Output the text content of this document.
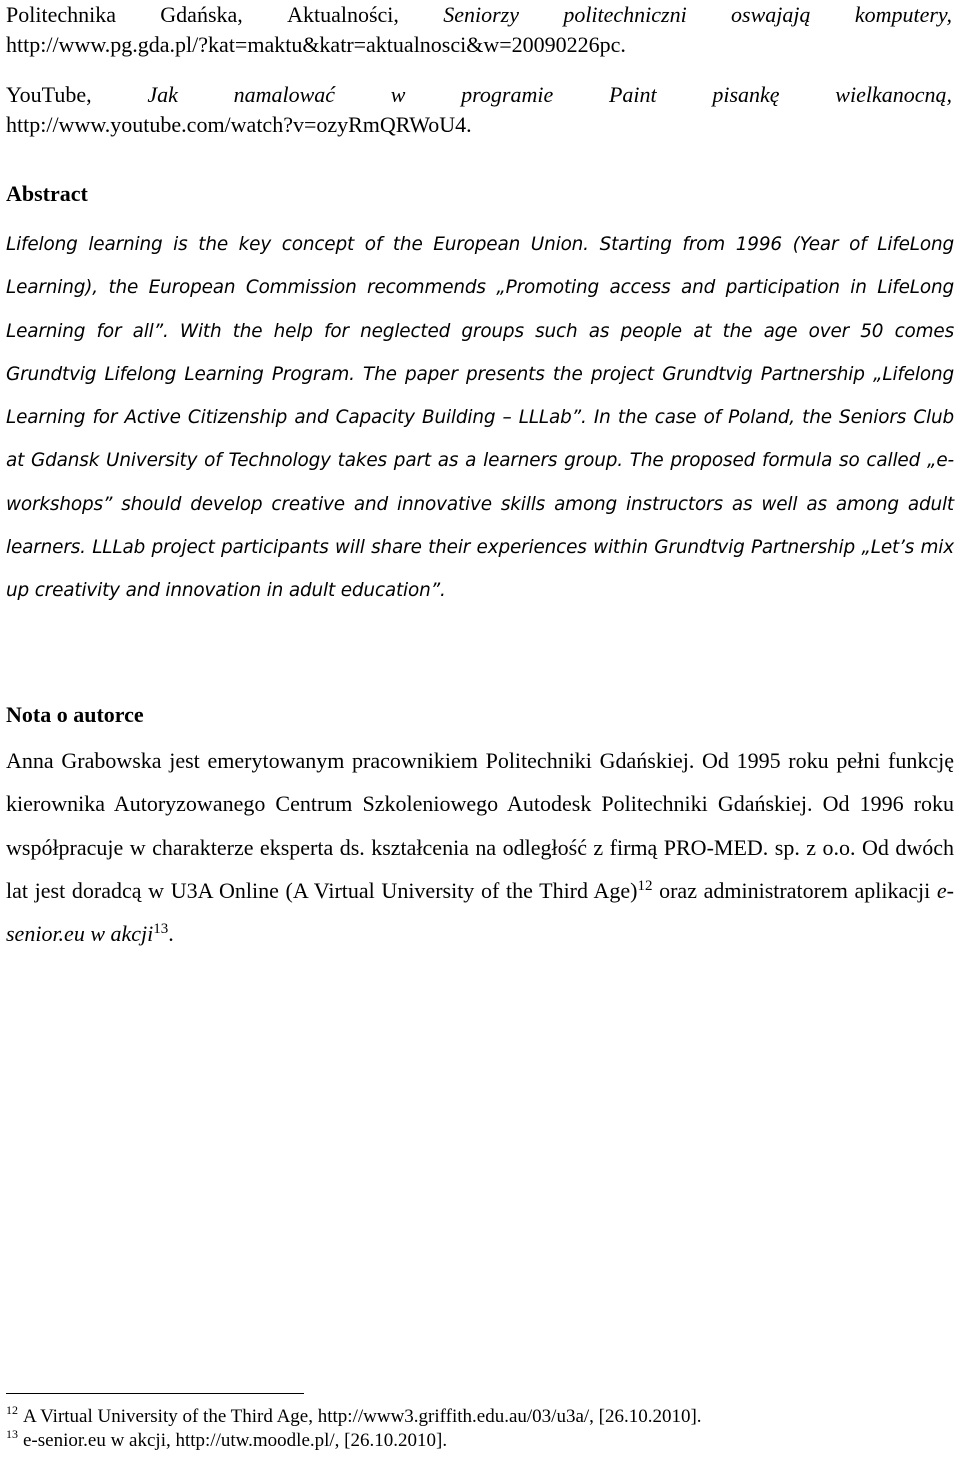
Politechnika Gdańska, Aktualności, Seniorzy politechniczni oswajają komputery,
http://www.pg.gda.pl/?kat=maktu&katr=aktualnosci&w=20090226pc.
YouTube,	Jak	namalować	w	programie	Paint	pisankę	wielkanocną,
http://www.youtube.com/watch?v=ozyRmQRWoU4.
Abstract
Lifelong learning is the key concept of the European Union. Starting from 1996 (Year of LifeLong Learning), the European Commission recommends „Promoting access and participation in LifeLong Learning for all”. With the help for neglected groups such as people at the age over 50 comes Grundtvig Lifelong Learning Program. The paper presents the project Grundtvig Partnership „Lifelong Learning for Active Citizenship and Capacity Building – LLLab”. In the case of Poland, the Seniors Club at Gdansk University of Technology takes part as a learners group. The proposed formula so called „e-workshops” should develop creative and innovative skills among instructors as well as among adult learners. LLLab project participants will share their experiences within Grundtvig Partnership „Let’s mix up creativity and innovation in adult education”.
Nota o autorce
Anna Grabowska jest emerytowanym pracownikiem Politechniki Gdańskiej. Od 1995 roku pełni funkcję kierownika Autoryzowanego Centrum Szkoleniowego Autodesk Politechniki Gdańskiej. Od 1996 roku współpracuje w charakterze eksperta ds. kształcenia na odległość z firmą PRO-MED. sp. z o.o. Od dwóch lat jest doradcą w U3A Online (A Virtual University of the Third Age)$^{12}$ oraz administratorem aplikacji e-senior.eu w akcji$^{13}$.
$^{12}$ A Virtual University of the Third Age, http://www3.griffith.edu.au/03/u3a/, [26.10.2010].
$^{13}$ e-senior.eu w akcji, http://utw.moodle.pl/, [26.10.2010].
